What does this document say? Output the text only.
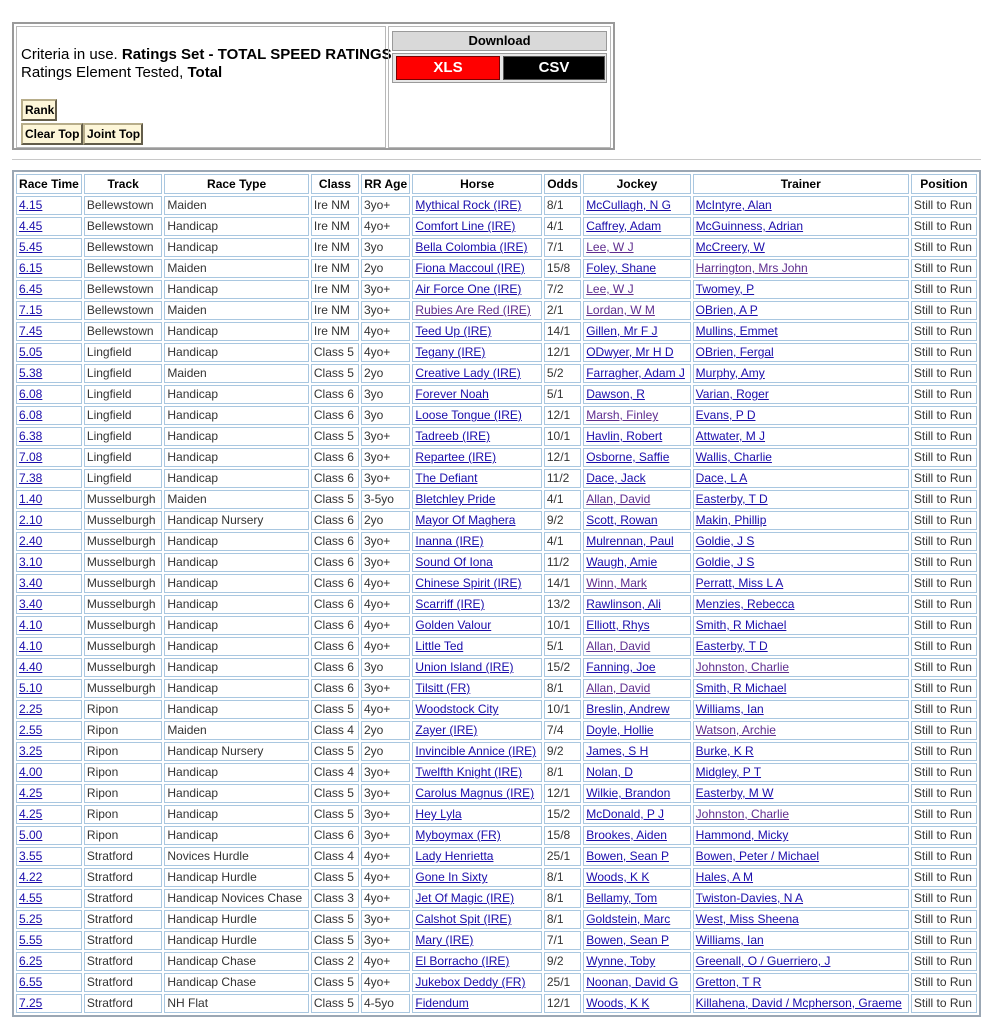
Criteria in use. Ratings Set - TOTAL SPEED RATINGS
Ratings Element Tested, Total
Rank
Clear Top Joint Top
Download
XLS	CSV
Race Time	Track	Race Type	Class	RR Age	Horse	Odds	Jockey	Trainer	Position
4.15	Bellewstown	Maiden	Ire NM	3yo+	Mythical Rock (IRE)	8/1	McCullagh, N G	McIntyre, Alan	Still to Run
4.45	Bellewstown	Handicap	Ire NM	4yo+	Comfort Line (IRE)	4/1	Caffrey, Adam	McGuinness, Adrian	Still to Run
5.45	Bellewstown	Handicap	Ire NM	3yo	Bella Colombia (IRE)	7/1	Lee, W J	McCreery, W	Still to Run
6.15	Bellewstown	Maiden	Ire NM	2yo	Fiona Maccoul (IRE)	15/8	Foley, Shane	Harrington, Mrs John	Still to Run
6.45	Bellewstown	Handicap	Ire NM	3yo+	Air Force One (IRE)	7/2	Lee, W J	Twomey, P	Still to Run
7.15	Bellewstown	Maiden	Ire NM	3yo+	Rubies Are Red (IRE)	2/1	Lordan, W M	OBrien, A P	Still to Run
7.45	Bellewstown	Handicap	Ire NM	4yo+	Teed Up (IRE)	14/1	Gillen, Mr F J	Mullins, Emmet	Still to Run
5.05	Lingfield	Handicap	Class 5	4yo+	Tegany (IRE)	12/1	ODwyer, Mr H D	OBrien, Fergal	Still to Run
5.38	Lingfield	Maiden	Class 5	2yo	Creative Lady (IRE)	5/2	Farragher, Adam J	Murphy, Amy	Still to Run
6.08	Lingfield	Handicap	Class 6	3yo	Forever Noah	5/1	Dawson, R	Varian, Roger	Still to Run
6.08	Lingfield	Handicap	Class 6	3yo	Loose Tongue (IRE)	12/1	Marsh, Finley	Evans, P D	Still to Run
6.38	Lingfield	Handicap	Class 5	3yo+	Tadreeb (IRE)	10/1	Havlin, Robert	Attwater, M J	Still to Run
7.08	Lingfield	Handicap	Class 6	3yo+	Repartee (IRE)	12/1	Osborne, Saffie	Wallis, Charlie	Still to Run
7.38	Lingfield	Handicap	Class 6	3yo+	The Defiant	11/2	Dace, Jack	Dace, L A	Still to Run
1.40	Musselburgh	Maiden	Class 5	3-5yo	Bletchley Pride	4/1	Allan, David	Easterby, T D	Still to Run
2.10	Musselburgh	Handicap Nursery	Class 6	2yo	Mayor Of Maghera	9/2	Scott, Rowan	Makin, Phillip	Still to Run
2.40	Musselburgh	Handicap	Class 6	3yo+	Inanna (IRE)	4/1	Mulrennan, Paul	Goldie, J S	Still to Run
3.10	Musselburgh	Handicap	Class 6	3yo+	Sound Of Iona	11/2	Waugh, Amie	Goldie, J S	Still to Run
3.40	Musselburgh	Handicap	Class 6	4yo+	Chinese Spirit (IRE)	14/1	Winn, Mark	Perratt, Miss L A	Still to Run
3.40	Musselburgh	Handicap	Class 6	4yo+	Scarriff (IRE)	13/2	Rawlinson, Ali	Menzies, Rebecca	Still to Run
4.10	Musselburgh	Handicap	Class 6	4yo+	Golden Valour	10/1	Elliott, Rhys	Smith, R Michael	Still to Run
4.10	Musselburgh	Handicap	Class 6	4yo+	Little Ted	5/1	Allan, David	Easterby, T D	Still to Run
4.40	Musselburgh	Handicap	Class 6	3yo	Union Island (IRE)	15/2	Fanning, Joe	Johnston, Charlie	Still to Run
5.10	Musselburgh	Handicap	Class 6	3yo+	Tilsitt (FR)	8/1	Allan, David	Smith, R Michael	Still to Run
2.25	Ripon	Handicap	Class 5	4yo+	Woodstock City	10/1	Breslin, Andrew	Williams, Ian	Still to Run
2.55	Ripon	Maiden	Class 4	2yo	Zayer (IRE)	7/4	Doyle, Hollie	Watson, Archie	Still to Run
3.25	Ripon	Handicap Nursery	Class 5	2yo	Invincible Annice (IRE)	9/2	James, S H	Burke, K R	Still to Run
4.00	Ripon	Handicap	Class 4	3yo+	Twelfth Knight (IRE)	8/1	Nolan, D	Midgley, P T	Still to Run
4.25	Ripon	Handicap	Class 5	3yo+	Carolus Magnus (IRE)	12/1	Wilkie, Brandon	Easterby, M W	Still to Run
4.25	Ripon	Handicap	Class 5	3yo+	Hey Lyla	15/2	McDonald, P J	Johnston, Charlie	Still to Run
5.00	Ripon	Handicap	Class 6	3yo+	Myboymax (FR)	15/8	Brookes, Aiden	Hammond, Micky	Still to Run
3.55	Stratford	Novices Hurdle	Class 4	4yo+	Lady Henrietta	25/1	Bowen, Sean P	Bowen, Peter / Michael	Still to Run
4.22	Stratford	Handicap Hurdle	Class 5	4yo+	Gone In Sixty	8/1	Woods, K K	Hales, A M	Still to Run
4.55	Stratford	Handicap Novices Chase	Class 3	4yo+	Jet Of Magic (IRE)	8/1	Bellamy, Tom	Twiston-Davies, N A	Still to Run
5.25	Stratford	Handicap Hurdle	Class 5	3yo+	Calshot Spit (IRE)	8/1	Goldstein, Marc	West, Miss Sheena	Still to Run
5.55	Stratford	Handicap Hurdle	Class 5	3yo+	Mary (IRE)	7/1	Bowen, Sean P	Williams, Ian	Still to Run
6.25	Stratford	Handicap Chase	Class 2	4yo+	El Borracho (IRE)	9/2	Wynne, Toby	Greenall, O / Guerriero, J	Still to Run
6.55	Stratford	Handicap Chase	Class 5	4yo+	Jukebox Deddy (FR)	25/1	Noonan, David G	Gretton, T R	Still to Run
7.25	Stratford	NH Flat	Class 5	4-5yo	Fidendum	12/1	Woods, K K	Killahena, David / Mcpherson, Graeme	Still to Run
